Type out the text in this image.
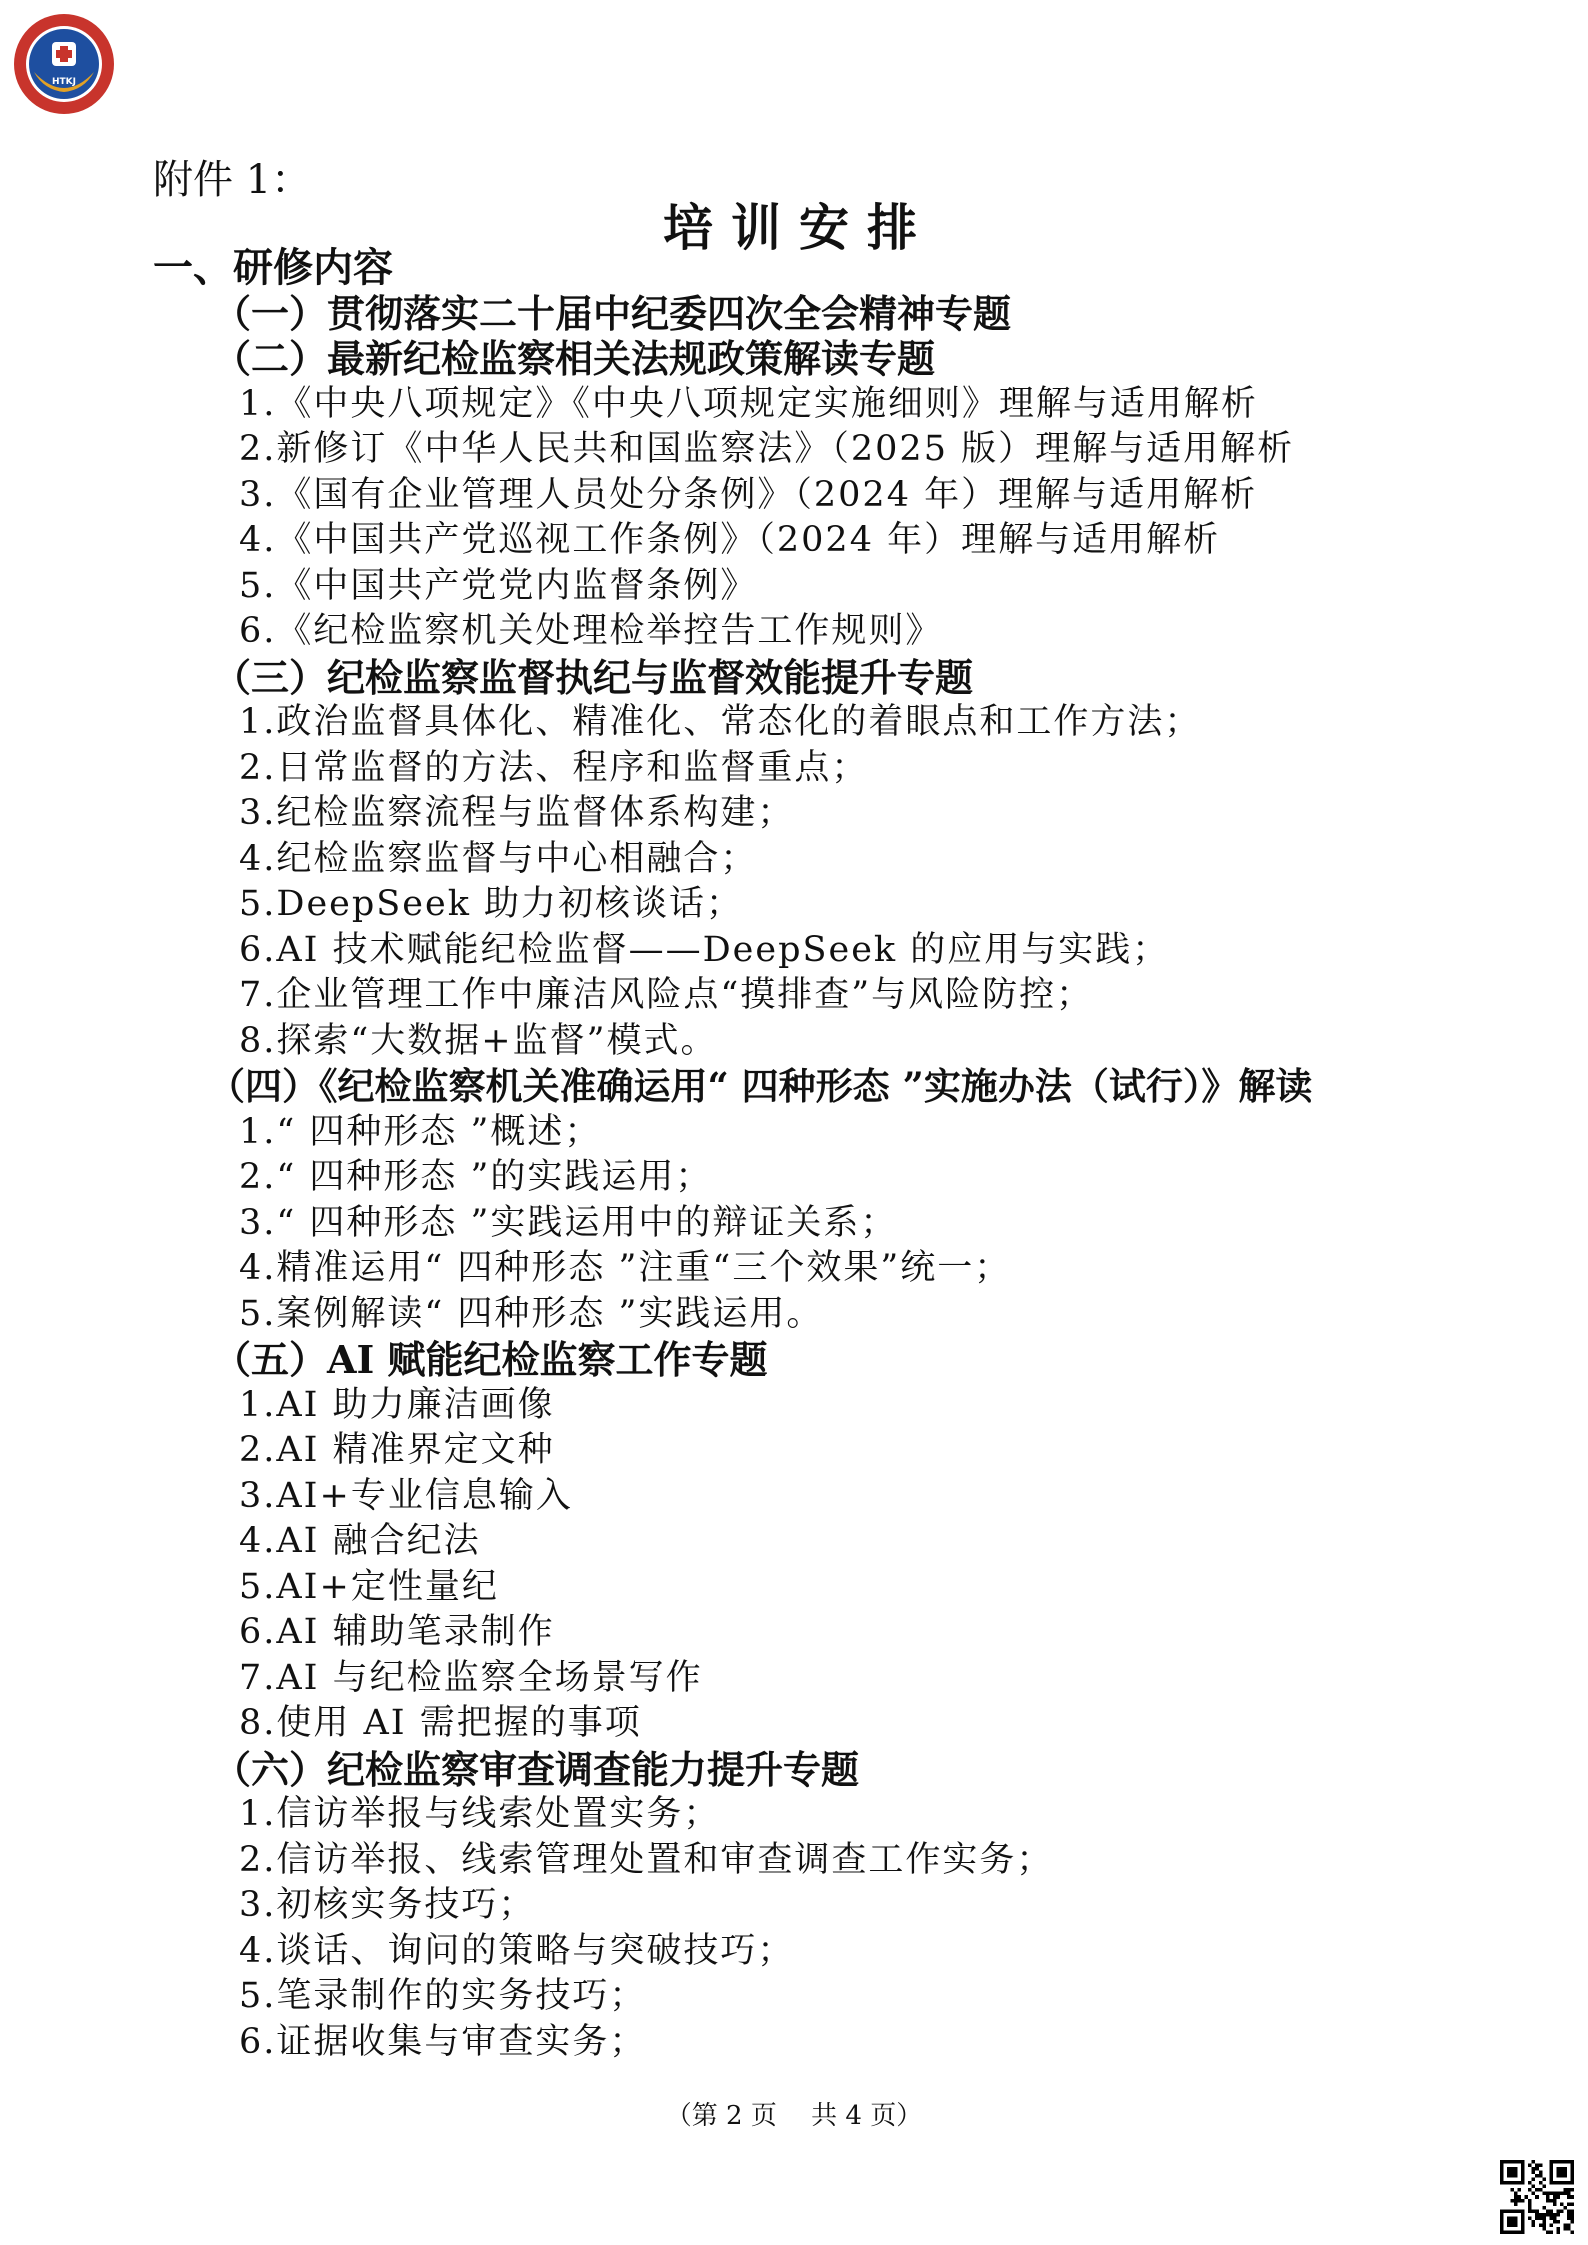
HTKJ
附件 1：
培训安排
一、研修内容
（一）贯彻落实二十届中纪委四次全会精神专题
（二）最新纪检监察相关法规政策解读专题
1.《中央八项规定》《中央八项规定实施细则》理解与适用解析
2.新修订《中华人民共和国监察法》（2025 版）理解与适用解析
3.《国有企业管理人员处分条例》（2024 年）理解与适用解析
4.《中国共产党巡视工作条例》（2024 年）理解与适用解析
5.《中国共产党党内监督条例》
6.《纪检监察机关处理检举控告工作规则》
（三）纪检监察监督执纪与监督效能提升专题
1.政治监督具体化、精准化、常态化的着眼点和工作方法；
2.日常监督的方法、程序和监督重点；
3.纪检监察流程与监督体系构建；
4.纪检监察监督与中心相融合；
5.DeepSeek 助力初核谈话；
6.AI 技术赋能纪检监督——DeepSeek 的应用与实践；
7.企业管理工作中廉洁风险点“摸排查”与风险防控；
8.探索“大数据+监督”模式。
（四）《纪检监察机关准确运用“ 四种形态 ”实施办法（试行）》解读
1.“ 四种形态 ”概述；
2.“ 四种形态 ”的实践运用；
3.“ 四种形态 ”实践运用中的辩证关系；
4.精准运用“ 四种形态 ”注重“三个效果”统一；
5.案例解读“ 四种形态 ”实践运用。
（五）AI 赋能纪检监察工作专题
1.AI 助力廉洁画像
2.AI 精准界定文种
3.AI+专业信息输入
4.AI 融合纪法
5.AI+定性量纪
6.AI 辅助笔录制作
7.AI 与纪检监察全场景写作
8.使用 AI 需把握的事项
（六）纪检监察审查调查能力提升专题
1.信访举报与线索处置实务；
2.信访举报、线索管理处置和审查调查工作实务；
3.初核实务技巧；
4.谈话、询问的策略与突破技巧；
5.笔录制作的实务技巧；
6.证据收集与审查实务；
（第 2 页　 共 4 页）
